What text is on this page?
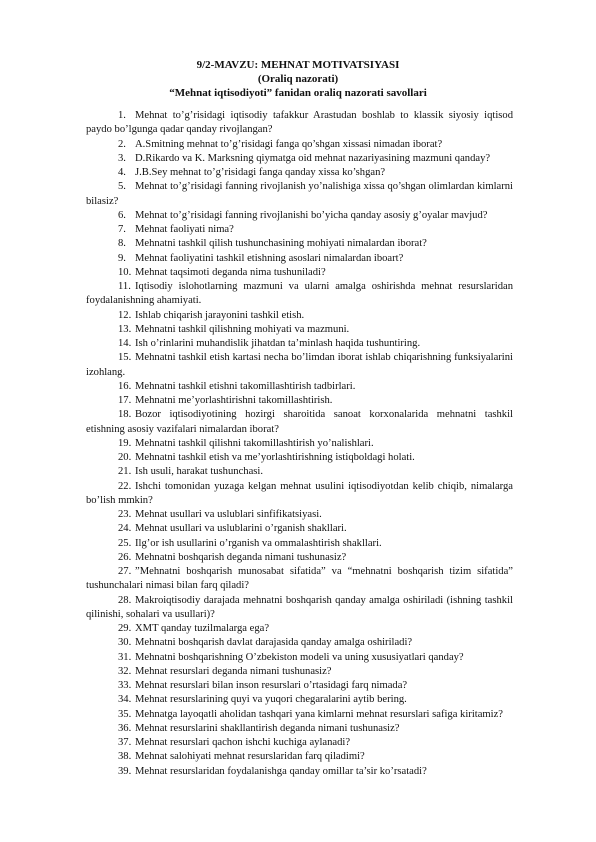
9/2-MAVZU: MEHNAT MOTIVATSIYASI
(Oraliq nazorati)
“Mehnat iqtisodiyoti” fanidan oraliq nazorati savollari
1. Mehnat to’g’risidagi iqtisodiy tafakkur Arastudan boshlab to klassik siyosiy iqtisod paydo bo’lgunga qadar qanday rivojlangan?
2. A.Smitning mehnat to’g’risidagi fanga qo’shgan xissasi nimadan iborat?
3. D.Rikardo va K. Marksning qiymatga oid mehnat nazariyasining mazmuni qanday?
4. J.B.Sey mehnat to’g’risidagi fanga qanday xissa ko’shgan?
5. Mehnat to’g’risidagi fanning rivojlanish yo’nalishiga xissa qo’shgan olimlardan kimlarni bilasiz?
6. Mehnat to’g’risidagi fanning rivojlanishi bo’yicha qanday asosiy g’oyalar mavjud?
7. Mehnat faoliyati nima?
8. Mehnatni tashkil qilish tushunchasining mohiyati nimalardan iborat?
9. Mehnat faoliyatini tashkil etishning asoslari nimalardan iboart?
10. Mehnat taqsimoti deganda nima tushuniladi?
11. Iqtisodiy islohotlarning mazmuni va ularni amalga oshirishda mehnat resurslaridan foydalanishning ahamiyati.
12. Ishlab chiqarish jarayonini tashkil etish.
13. Mehnatni tashkil qilishning mohiyati va mazmuni.
14. Ish o’rinlarini muhandislik jihatdan ta’minlash haqida tushuntiring.
15. Mehnatni tashkil etish kartasi necha bo’limdan iborat ishlab chiqarishning funksiyalarini izohlang.
16. Mehnatni tashkil etishni takomillashtirish tadbirlari.
17. Mehnatni me’yorlashtirishni takomillashtirish.
18. Bozor iqtisodiyotining hozirgi sharoitida sanoat korxonalarida mehnatni tashkil etishning asosiy vazifalari nimalardan iborat?
19. Mehnatni tashkil qilishni takomillashtirish yo’nalishlari.
20. Mehnatni tashkil etish va me’yorlashtirishning istiqboldagi holati.
21. Ish usuli, harakat tushunchasi.
22. Ishchi tomonidan yuzaga kelgan mehnat usulini iqtisodiyotdan kelib chiqib, nimalarga bo’lish mmkin?
23. Mehnat usullari va uslublari sinfifikatsiyasi.
24. Mehnat usullari va uslublarini o’rganish shakllari.
25. Ilg’or ish usullarini o’rganish va ommalashtirish shakllari.
26. Mehnatni boshqarish deganda nimani tushunasiz?
27. ”Mehnatni boshqarish munosabat sifatida” va “mehnatni boshqarish tizim sifatida” tushunchalari nimasi bilan farq qiladi?
28. Makroiqtisodiy darajada mehnatni boshqarish qanday amalga oshiriladi (ishning tashkil qilinishi, sohalari va usullari)?
29. XMT qanday tuzilmalarga ega?
30. Mehnatni boshqarish davlat darajasida qanday amalga oshiriladi?
31. Mehnatni boshqarishning O’zbekiston modeli va uning xususiyatlari qanday?
32. Mehnat resurslari deganda nimani tushunasiz?
33. Mehnat resurslari bilan inson resurslari o’rtasidagi farq nimada?
34. Mehnat resurslarining quyi va yuqori chegaralarini aytib bering.
35. Mehnatga layoqatli aholidan tashqari yana kimlarni mehnat resurslari safiga kiritamiz?
36. Mehnat resurslarini shakllantirish deganda nimani tushunasiz?
37. Mehnat resurslari qachon ishchi kuchiga aylanadi?
38. Mehnat salohiyati mehnat resurslaridan farq qiladimi?
39. Mehnat resurslaridan foydalanishga qanday omillar ta’sir ko’rsatadi?
